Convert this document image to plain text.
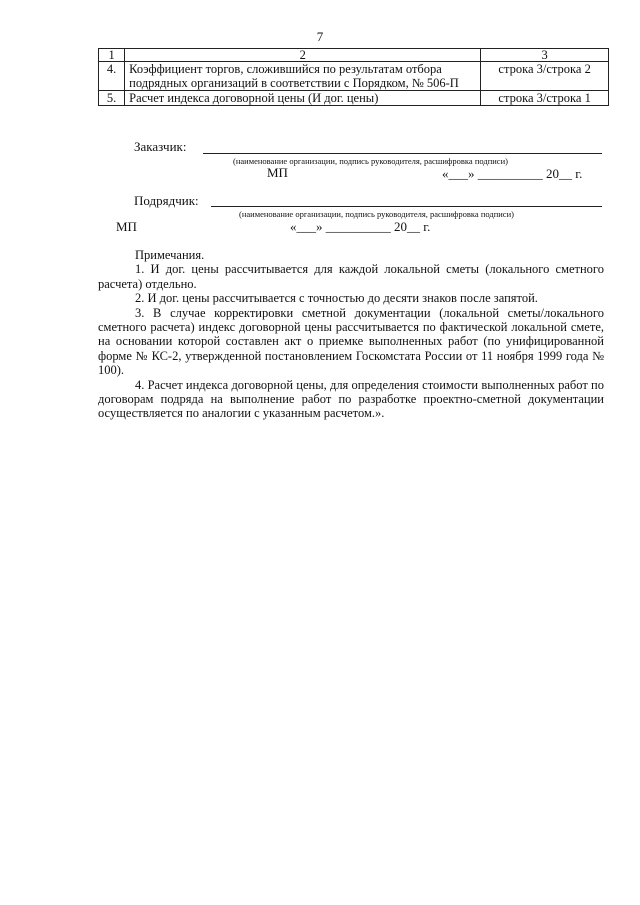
7
1	2	3
4.	Коэффициент торгов, сложившийся по результатам отбора подрядных организаций в соответствии с Порядком, № 506-П	строка 3/строка 2
5.	Расчет индекса договорной цены (И дог. цены)	строка 3/строка 1
Заказчик:
(наименование организации, подпись руководителя, расшифровка подписи)
МП	«___» __________ 20__ г.
Подрядчик:
(наименование организации, подпись руководителя, расшифровка подписи)
МП	«___» __________ 20__ г.
Примечания.

1. И дог. цены рассчитывается для каждой локальной сметы (локального сметного расчета) отдельно.

2. И дог. цены рассчитывается с точностью до десяти знаков после запятой.

3. В случае корректировки сметной документации (локальной сметы/локального сметного расчета) индекс договорной цены рассчитывается по фактической локальной смете, на основании которой составлен акт о приемке выполненных работ (по унифицированной форме № КС-2, утвержденной постановлением Госкомстата России от 11 ноября 1999 года № 100).

4. Расчет индекса договорной цены, для определения стоимости выполненных работ по договорам подряда на выполнение работ по разработке проектно-сметной документации осуществляется по аналогии с указанным расчетом.».
